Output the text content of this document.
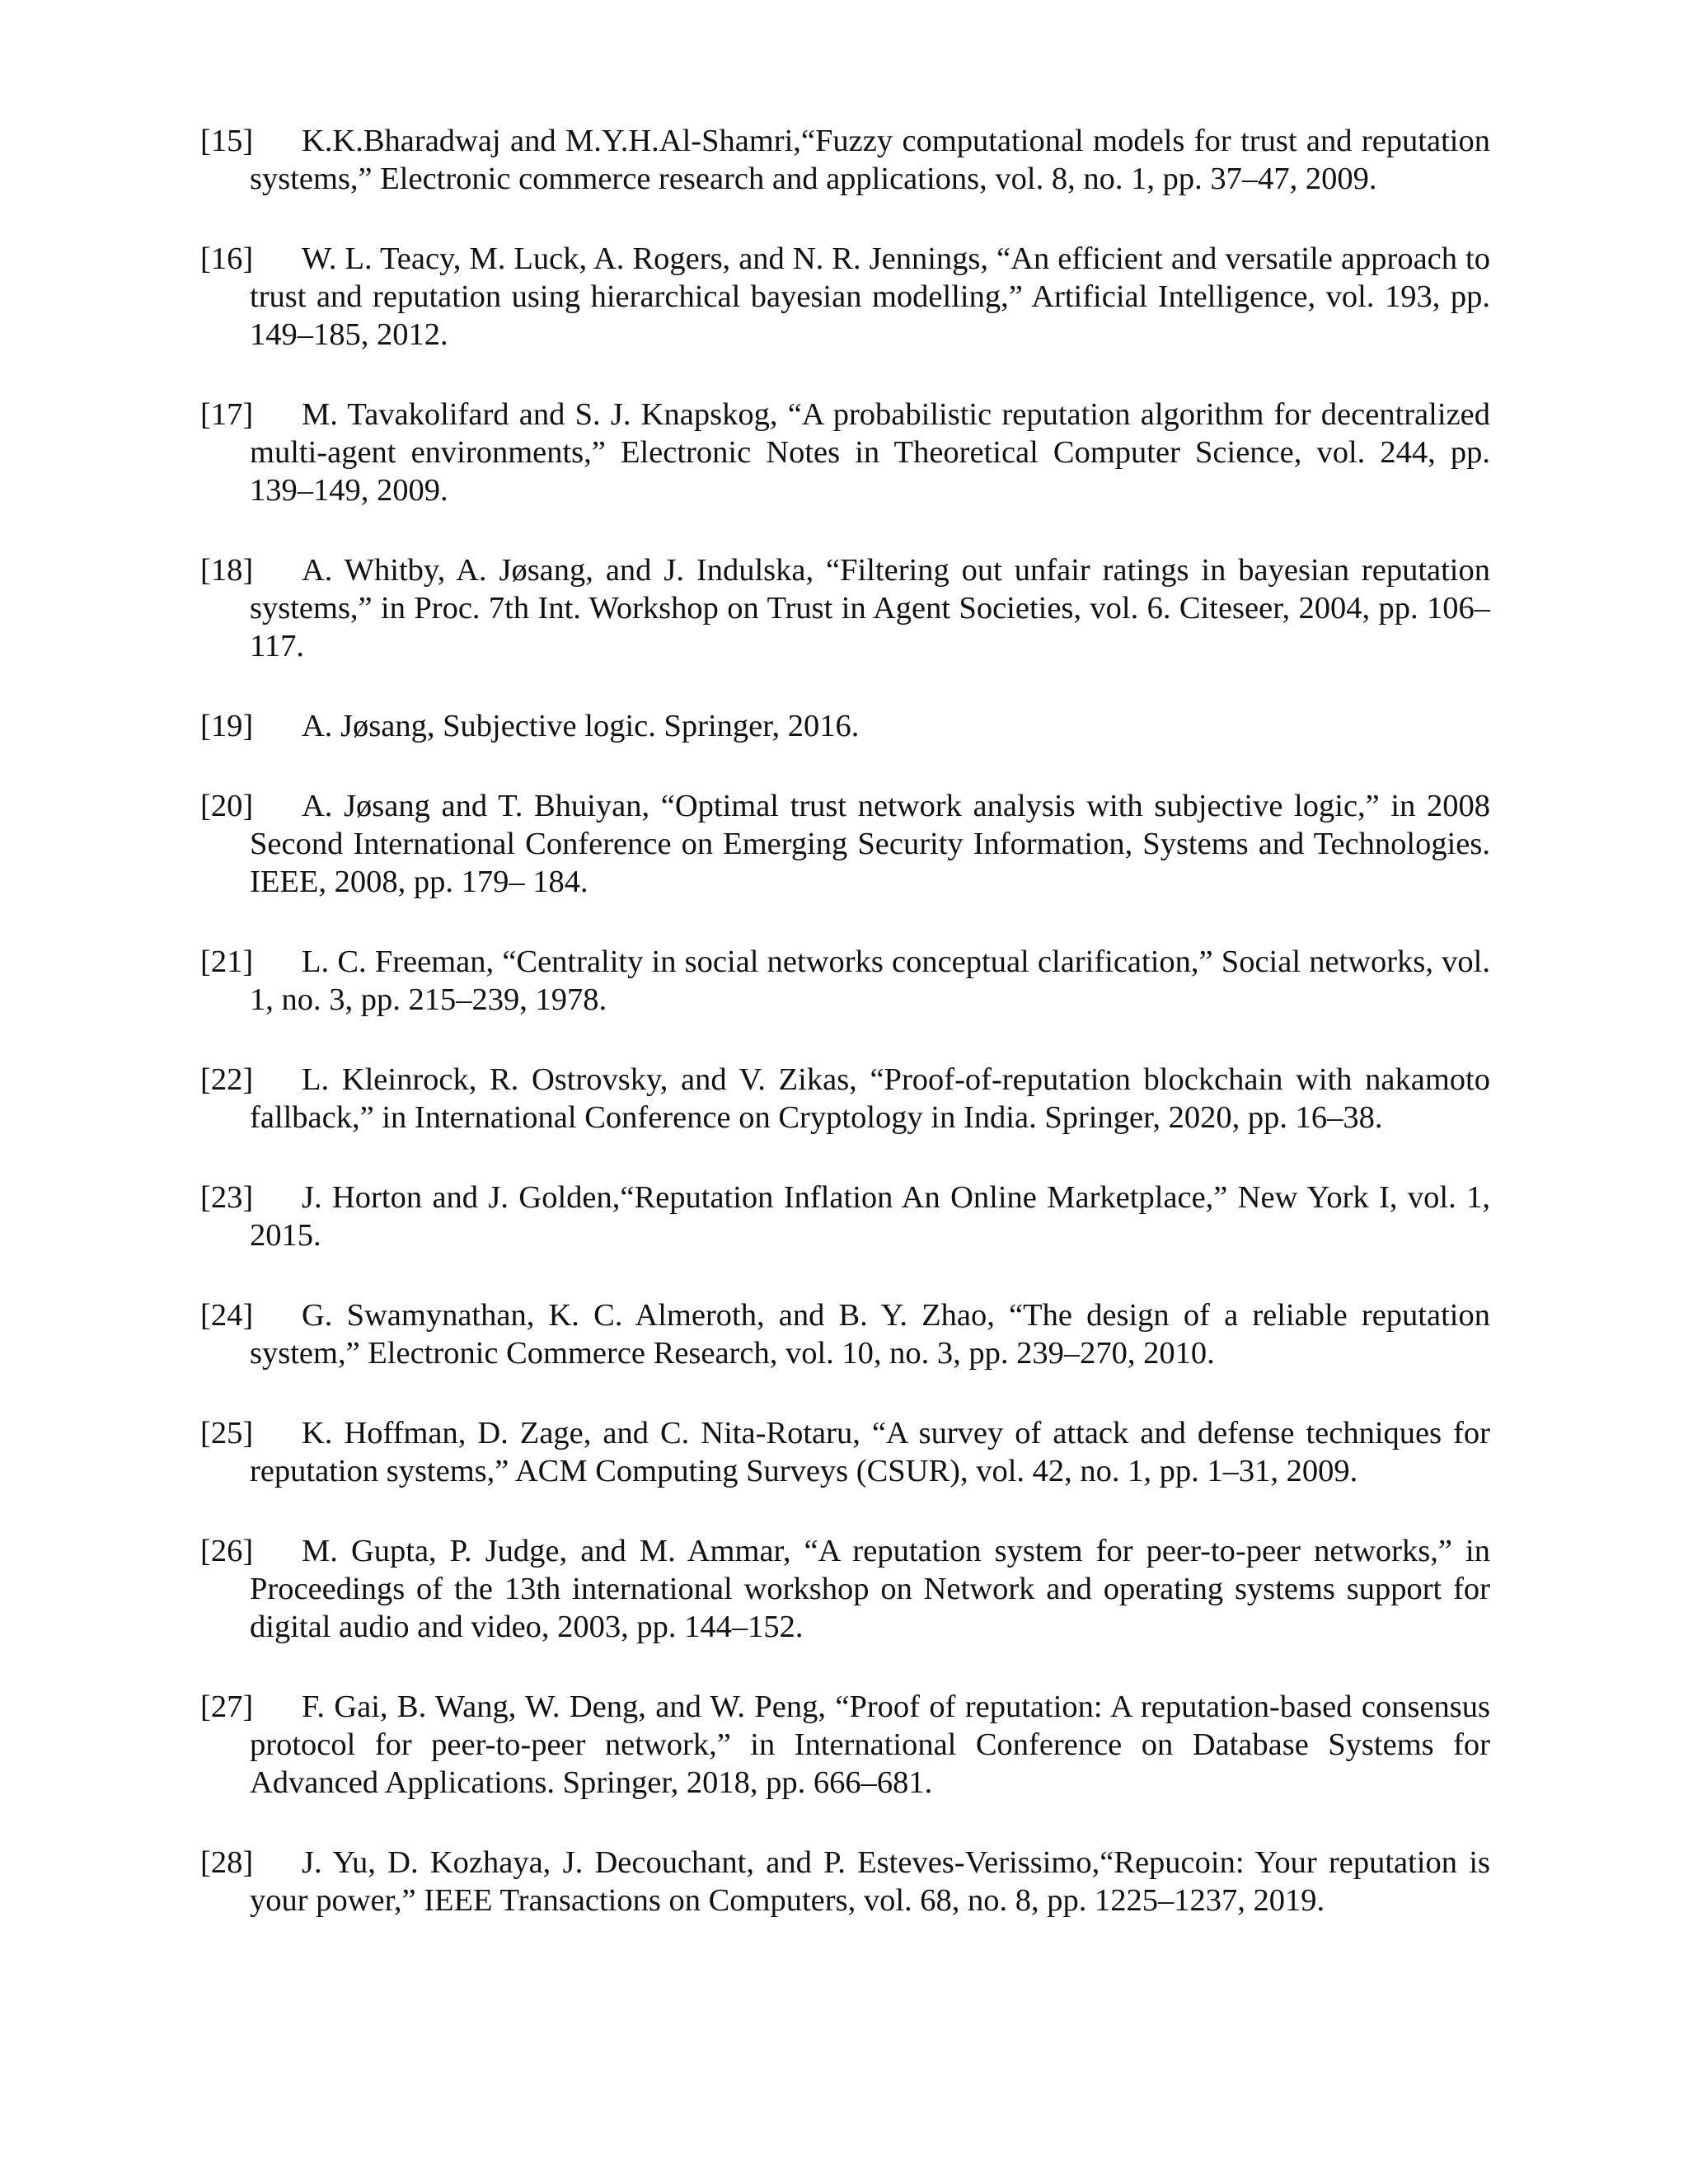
[15] K.K.Bharadwaj and M.Y.H.Al-Shamri,“Fuzzy computational models for trust and reputation systems,” Electronic commerce research and applications, vol. 8, no. 1, pp. 37–47, 2009.
[16] W. L. Teacy, M. Luck, A. Rogers, and N. R. Jennings, “An efficient and versatile approach to trust and reputation using hierarchical bayesian modelling,” Artificial Intelligence, vol. 193, pp. 149–185, 2012.
[17] M. Tavakolifard and S. J. Knapskog, “A probabilistic reputation algorithm for decentralized multi-agent environments,” Electronic Notes in Theoretical Computer Science, vol. 244, pp. 139–149, 2009.
[18] A. Whitby, A. Jøsang, and J. Indulska, “Filtering out unfair ratings in bayesian reputation systems,” in Proc. 7th Int. Workshop on Trust in Agent Societies, vol. 6. Citeseer, 2004, pp. 106–117.
[19] A. Jøsang, Subjective logic. Springer, 2016.
[20] A. Jøsang and T. Bhuiyan, “Optimal trust network analysis with subjective logic,” in 2008 Second International Conference on Emerging Security Information, Systems and Technologies. IEEE, 2008, pp. 179– 184.
[21] L. C. Freeman, “Centrality in social networks conceptual clarification,” Social networks, vol. 1, no. 3, pp. 215–239, 1978.
[22] L. Kleinrock, R. Ostrovsky, and V. Zikas, “Proof-of-reputation blockchain with nakamoto fallback,” in International Conference on Cryptology in India. Springer, 2020, pp. 16–38.
[23] J. Horton and J. Golden,“Reputation Inflation An Online Marketplace,” New York I, vol. 1, 2015.
[24] G. Swamynathan, K. C. Almeroth, and B. Y. Zhao, “The design of a reliable reputation system,” Electronic Commerce Research, vol. 10, no. 3, pp. 239–270, 2010.
[25] K. Hoffman, D. Zage, and C. Nita-Rotaru, “A survey of attack and defense techniques for reputation systems,” ACM Computing Surveys (CSUR), vol. 42, no. 1, pp. 1–31, 2009.
[26] M. Gupta, P. Judge, and M. Ammar, “A reputation system for peer-to-peer networks,” in Proceedings of the 13th international workshop on Network and operating systems support for digital audio and video, 2003, pp. 144–152.
[27] F. Gai, B. Wang, W. Deng, and W. Peng, “Proof of reputation: A reputation-based consensus protocol for peer-to-peer network,” in International Conference on Database Systems for Advanced Applications. Springer, 2018, pp. 666–681.
[28] J. Yu, D. Kozhaya, J. Decouchant, and P. Esteves-Verissimo,“Repucoin: Your reputation is your power,” IEEE Transactions on Computers, vol. 68, no. 8, pp. 1225–1237, 2019.
